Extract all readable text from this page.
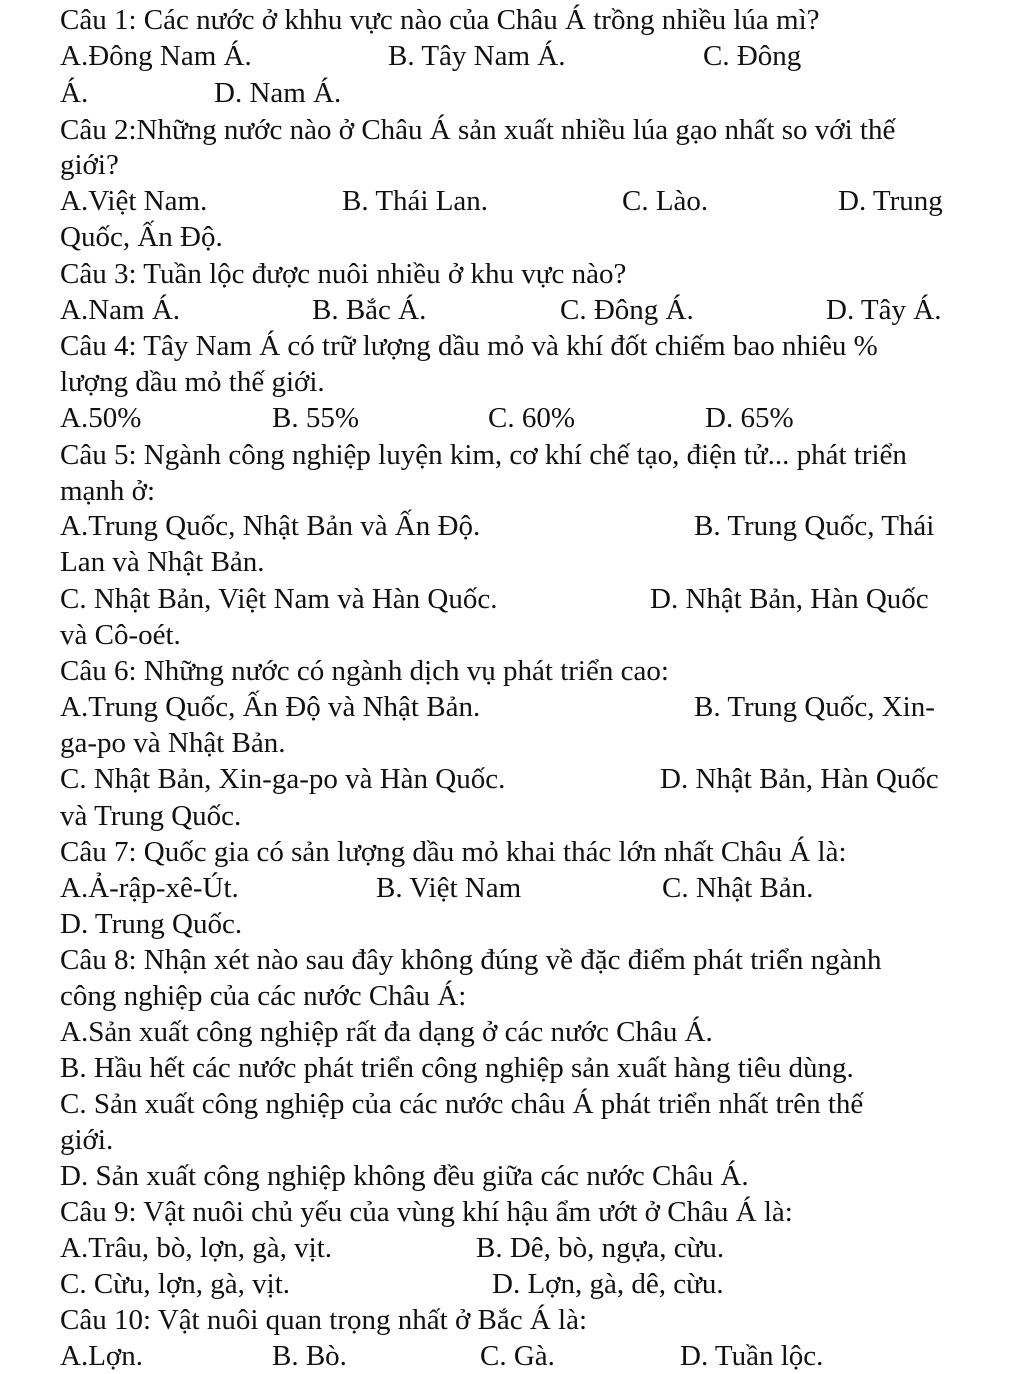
Câu 1: Các nước ở khhu vực nào của Châu Á trồng nhiều lúa mì?
A.Đông Nam Á.	B. Tây Nam Á.	C. Đông
Á.	D. Nam Á.
Câu 2:Những nước nào ở Châu Á sản xuất nhiều lúa gạo nhất so với thế
giới?
A.Việt Nam.	B. Thái Lan.	C. Lào.	D. Trung
Quốc, Ấn Độ.
Câu 3: Tuần lộc được nuôi nhiều ở khu vực nào?
A.Nam Á.	B. Bắc Á.	C. Đông Á.	D. Tây Á.
Câu 4: Tây Nam Á có trữ lượng dầu mỏ và khí đốt chiếm bao nhiêu %
lượng dầu mỏ thế giới.
A.50%	B. 55%	C. 60%	D. 65%
Câu 5: Ngành công nghiệp luyện kim, cơ khí chế tạo, điện tử... phát triển
mạnh ở:
A.Trung Quốc, Nhật Bản và Ấn Độ.	B. Trung Quốc, Thái
Lan và Nhật Bản.
C. Nhật Bản, Việt Nam và Hàn Quốc.	D. Nhật Bản, Hàn Quốc
và Cô-oét.
Câu 6: Những nước có ngành dịch vụ phát triển cao:
A.Trung Quốc, Ấn Độ và Nhật Bản.	B. Trung Quốc, Xin-
ga-po và Nhật Bản.
C. Nhật Bản, Xin-ga-po và Hàn Quốc.	D. Nhật Bản, Hàn Quốc
và Trung Quốc.
Câu 7: Quốc gia có sản lượng dầu mỏ khai thác lớn nhất Châu Á là:
A.Ả-rập-xê-Út.	B. Việt Nam	C. Nhật Bản.
D. Trung Quốc.
Câu 8: Nhận xét nào sau đây không đúng về đặc điểm phát triển ngành
công nghiệp của các nước Châu Á:
A.Sản xuất công nghiệp rất đa dạng ở các nước Châu Á.
B. Hầu hết các nước phát triển công nghiệp sản xuất hàng tiêu dùng.
C. Sản xuất công nghiệp của các nước châu Á phát triển nhất trên thế
giới.
D. Sản xuất công nghiệp không đều giữa các nước Châu Á.
Câu 9: Vật nuôi chủ yếu của vùng khí hậu ẩm ướt ở Châu Á là:
A.Trâu, bò, lợn, gà, vịt.	B. Dê, bò, ngựa, cừu.
C. Cừu, lợn, gà, vịt.	D. Lợn, gà, dê, cừu.
Câu 10: Vật nuôi quan trọng nhất ở Bắc Á là:
A.Lợn.	B. Bò.	C. Gà.	D. Tuần lộc.
